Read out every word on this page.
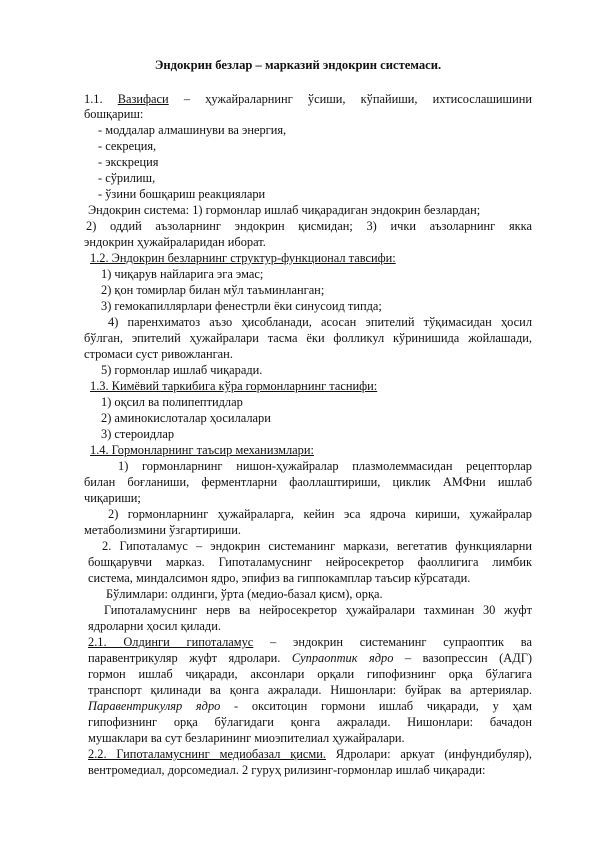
Эндокрин безлар – марказий эндокрин системаси.
1.1. Вазифаси – ҳужайраларнинг ўсиши, кўпайиши, ихтисослашишини
бошқариш:
- моддалар алмашинуви ва энергия,
- секреция,
- экскреция
- сўрилиш,
- ўзини бошқариш реакциялари
Эндокрин система: 1) гормонлар ишлаб чиқарадиган эндокрин безлардан;
2) оддий аъзоларнинг эндокрин қисмидан; 3) ички аъзоларнинг якка
эндокрин ҳужайраларидан иборат.
1.2. Эндокрин безларнинг структур-функционал тавсифи:
1) чиқарув найларига эга эмас;
2) қон томирлар билан мўл таъминланган;
3) гемокапиллярлари фенестрли ёки синусоид типда;
4) паренхиматоз аъзо ҳисобланади, асосан эпителий тўқимасидан ҳосил
бўлган, эпителий ҳужайралари тасма ёки фолликул кўринишида жойлашади,
стромаси суст ривожланган.
5) гормонлар ишлаб чиқаради.
1.3. Кимёвий таркибига кўра гормонларнинг таснифи:
1) оқсил ва полипептидлар
2) аминокислоталар ҳосилалари
3) стероидлар
1.4. Гормонларнинг таъсир механизмлари:
1) гормонларнинг нишон-ҳужайралар плазмолеммасидан рецепторлар
билан боғланиши, ферментларни фаоллаштириши, циклик АМФни ишлаб
чиқариши;
2) гормонларнинг ҳужайраларга, кейин эса ядроча кириши, ҳужайралар
метаболизмини ўзгартириши.
2. Гипоталамус – эндокрин системанинг маркази, вегетатив функцияларни
бошқарувчи марказ. Гипоталамуснинг нейросекретор фаоллигига лимбик
система, миндалсимон ядро, эпифиз ва гиппокамплар таъсир кўрсатади.
Бўлимлари: олдинги, ўрта (медио-базал қисм), орқа.
Гипоталамуснинг нерв ва нейросекретор ҳужайралари тахминан 30 жуфт
ядроларни ҳосил қилади.
2.1. Олдинги гипоталамус – эндокрин системанинг супраоптик ва
паравентрикуляр жуфт ядролари. Супраоптик ядро – вазопрессин (АДГ)
гормон ишлаб чиқаради, аксонлари орқали гипофизнинг орқа бўлагига
транспорт қилинади ва қонга ажралади. Нишонлари: буйрак ва артериялар.
Паравентрикуляр ядро - окситоцин гормони ишлаб чиқаради, у ҳам
гипофизнинг орқа бўлагидаги қонга ажралади. Нишонлари: бачадон
мушаклари ва сут безларининг миоэпителиал ҳужайралари.
2.2. Гипоталамуснинг медиобазал қисми. Ядролари: аркуат (инфундибуляр),
вентромедиал, дорсомедиал. 2 гуруҳ рилизинг-гормонлар ишлаб чиқаради:
